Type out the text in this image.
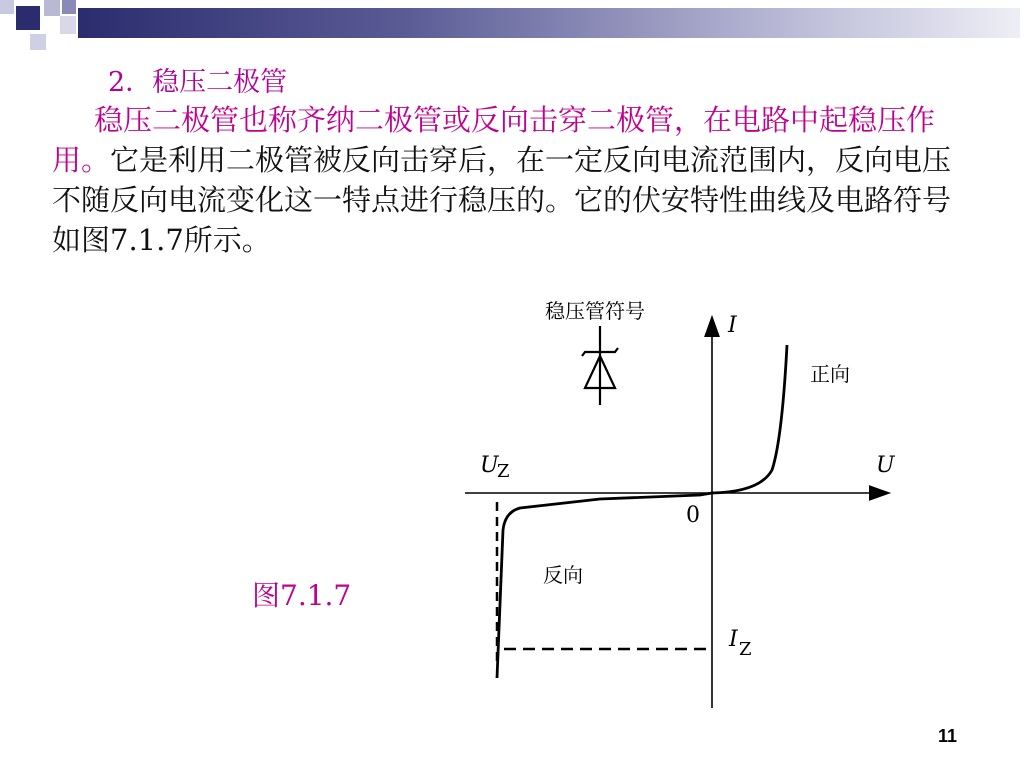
2．稳压二极管
稳压二极管也称齐纳二极管或反向击穿二极管，在电路中起稳压作用。它是利用二极管被反向击穿后，在一定反向电流范围内，反向电压不随反向电流变化这一特点进行稳压的。它的伏安特性曲线及电路符号如图7.1.7所示。
稳压管符号
I
U
正向
反向
0
U
Z
I Z
图7.1.7
11
